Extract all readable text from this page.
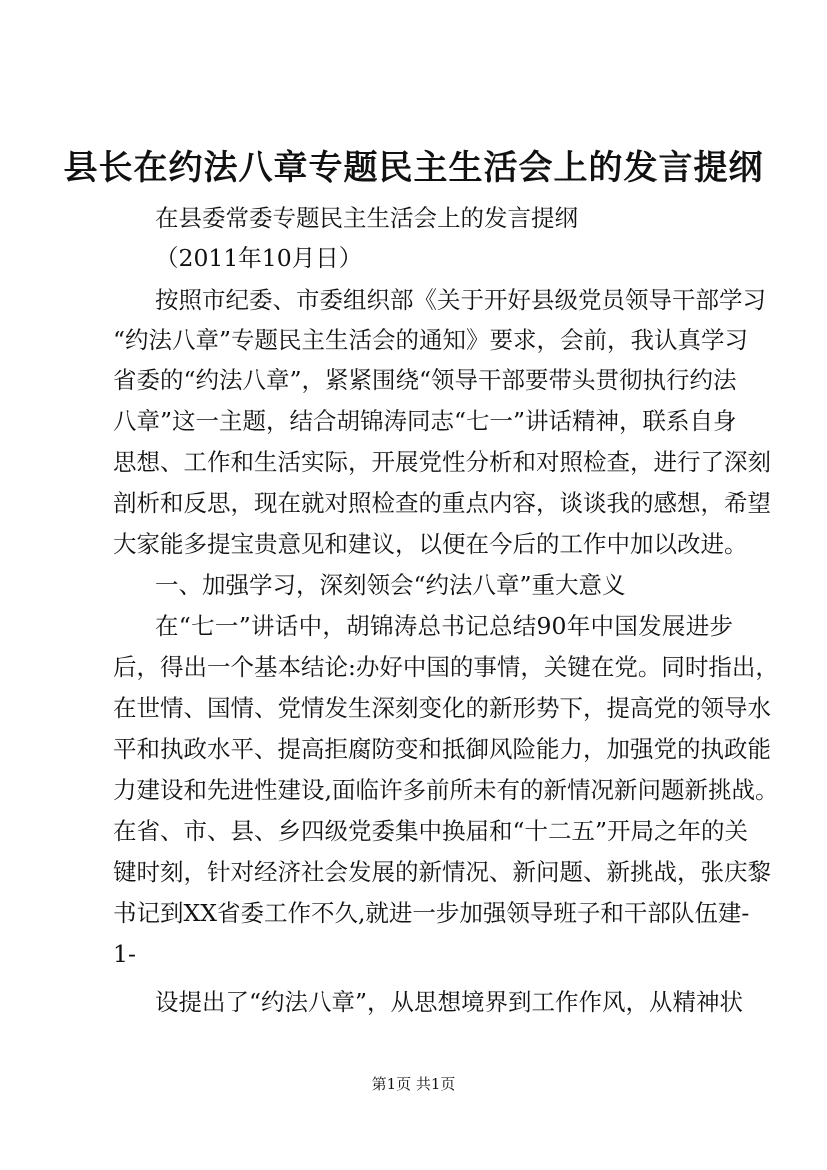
县长在约法八章专题民主生活会上的发言提纲

在县委常委专题民主生活会上的发言提纲

（2011年10月日）

按照市纪委、市委组织部《关于开好县级党员领导干部学习

“约法八章”专题民主生活会的通知》要求，会前，我认真学习

省委的“约法八章”，紧紧围绕“领导干部要带头贯彻执行约法

八章”这一主题，结合胡锦涛同志“七一”讲话精神，联系自身

思想、工作和生活实际，开展党性分析和对照检查，进行了深刻

剖析和反思，现在就对照检查的重点内容，谈谈我的感想，希望

大家能多提宝贵意见和建议，以便在今后的工作中加以改进。

一、加强学习，深刻领会“约法八章”重大意义

在“七一”讲话中，胡锦涛总书记总结90年中国发展进步

后，得出一个基本结论:办好中国的事情，关键在党。同时指出，

在世情、国情、党情发生深刻变化的新形势下，提高党的领导水

平和执政水平、提高拒腐防变和抵御风险能力，加强党的执政能

力建设和先进性建设,面临许多前所未有的新情况新问题新挑战。

在省、市、县、乡四级党委集中换届和“十二五”开局之年的关

键时刻，针对经济社会发展的新情况、新问题、新挑战，张庆黎

书记到XX省委工作不久,就进一步加强领导班子和干部队伍建-

1-

设提出了“约法八章”，从思想境界到工作作风，从精神状

第1页 共1页
